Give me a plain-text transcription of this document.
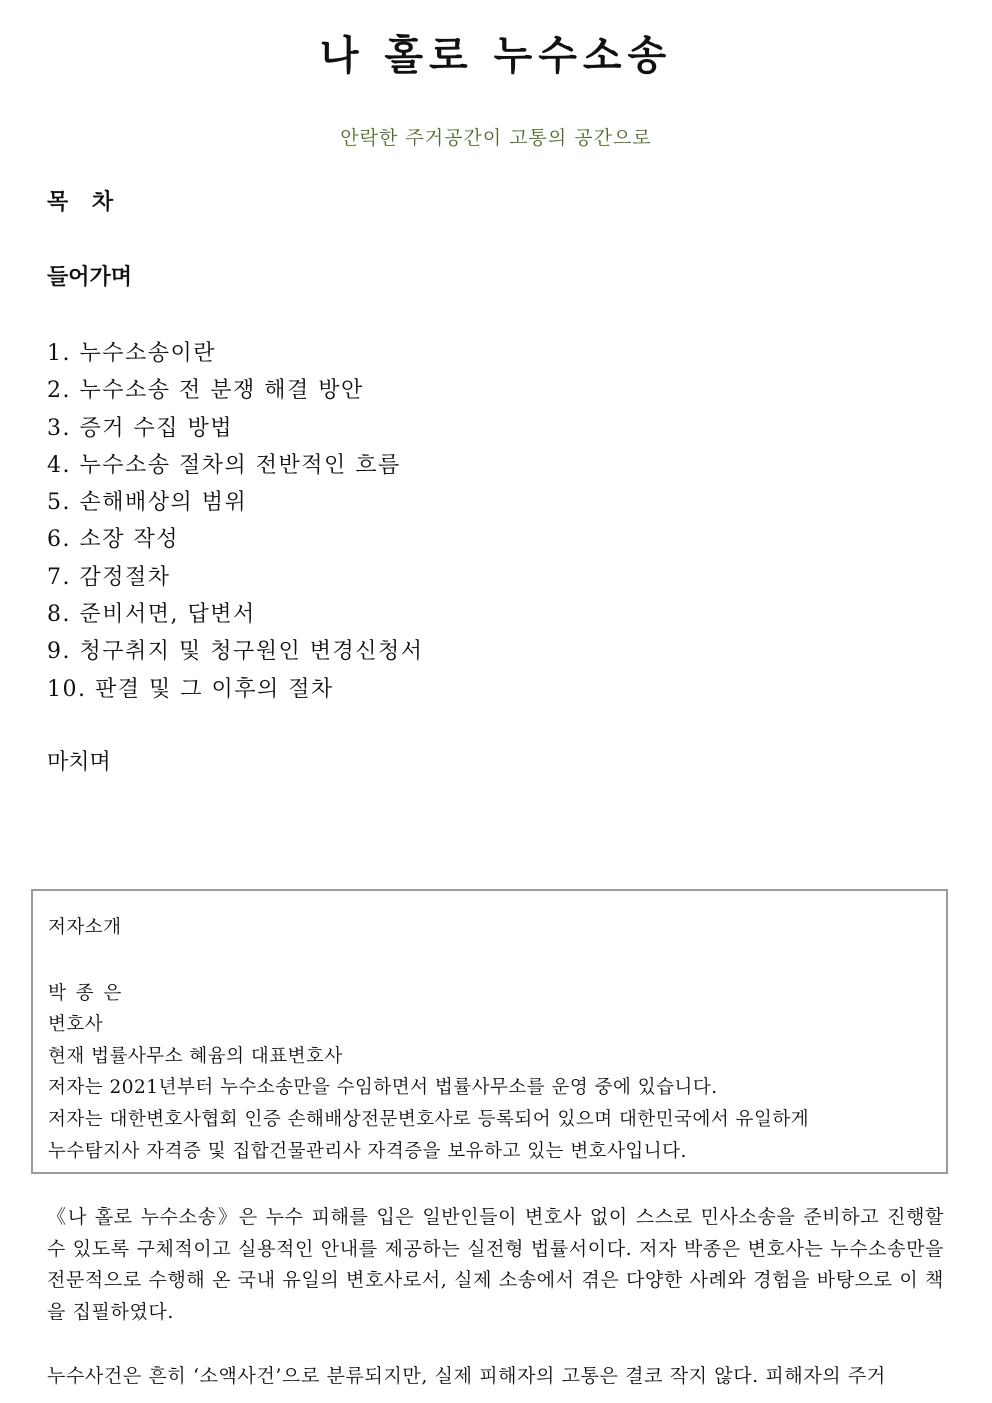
나 홀로 누수소송

안락한 주거공간이 고통의 공간으로

목 차
들어가며
1. 누수소송이란
2. 누수소송 전 분쟁 해결 방안
3. 증거 수집 방법
4. 누수소송 절차의 전반적인 흐름
5. 손해배상의 범위
6. 소장 작성
7. 감정절차
8. 준비서면, 답변서
9. 청구취지 및 청구원인 변경신청서
10. 판결 및 그 이후의 절차
마치며
저자소개
박 종 은
변호사
현재 법률사무소 혜윰의 대표변호사
저자는 2021년부터 누수소송만을 수임하면서 법률사무소를 운영 중에 있습니다.
저자는 대한변호사협회 인증 손해배상전문변호사로 등록되어 있으며 대한민국에서 유일하게
누수탐지사 자격증 및 집합건물관리사 자격증을 보유하고 있는 변호사입니다.

《나 홀로 누수소송》은 누수 피해를 입은 일반인들이 변호사 없이 스스로 민사소송을 준비하고 진행할 수 있도록 구체적이고 실용적인 안내를 제공하는 실전형 법률서이다. 저자 박종은 변호사는 누수소송만을 전문적으로 수행해 온 국내 유일의 변호사로서, 실제 소송에서 겪은 다양한 사례와 경험을 바탕으로 이 책을 집필하였다.

누수사건은 흔히 ‘소액사건’으로 분류되지만, 실제 피해자의 고통은 결코 작지 않다. 피해자의 주거
